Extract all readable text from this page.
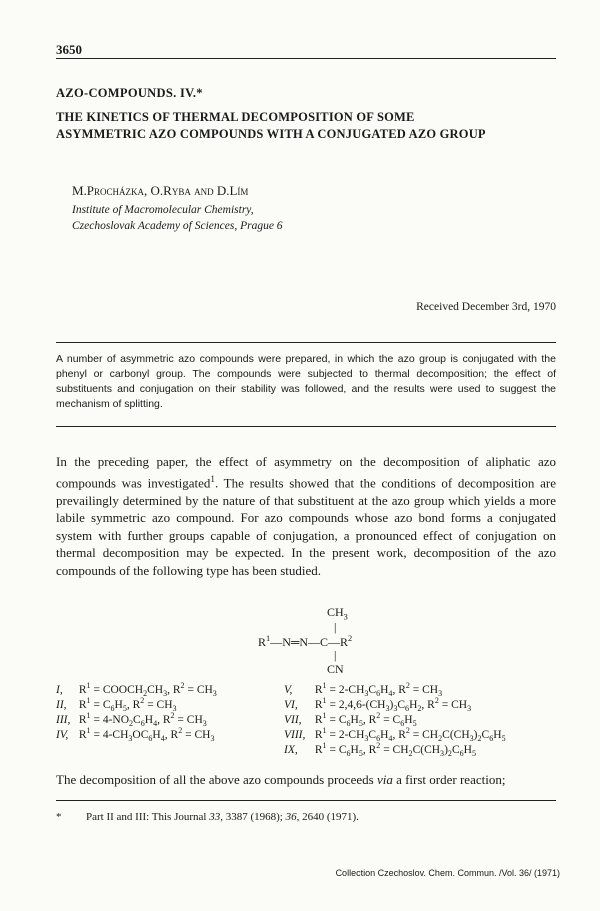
3650
AZO-COMPOUNDS. IV.*
THE KINETICS OF THERMAL DECOMPOSITION OF SOME
ASYMMETRIC AZO COMPOUNDS WITH A CONJUGATED AZO GROUP
M.Procházka, O.Ryba and D.Lím
Institute of Macromolecular Chemistry,
Czechoslovak Academy of Sciences, Prague 6
Received December 3rd, 1970
A number of asymmetric azo compounds were prepared, in which the azo group is conjugated with the phenyl or carbonyl group. The compounds were subjected to thermal decomposition; the effect of substituents and conjugation on their stability was followed, and the results were used to suggest the mechanism of splitting.
In the preceding paper, the effect of asymmetry on the decomposition of aliphatic azo compounds was investigated$^1$. The results showed that the conditions of decomposition are prevailingly determined by the nature of that substituent at the azo group which yields a more labile symmetric azo compound. For azo compounds whose azo bond forms a conjugated system with further groups capable of conjugation, a pronounced effect of conjugation on thermal decomposition may be expected. In the present work, decomposition of the azo compounds of the following type has been studied.
$CH_3$
|
$R^1—N═N—C—R^2$
|
CN
I, $R^1$ = $COOCH_2CH_3$, $R^2 = CH_3$	V, $R^1 = 2-CH_3C_6H_4$, $R^2 = CH_3$
II, $R^1 = C_6H_5$, $R^2 = CH_3$	VI, $R^1 = 2,4,6-(CH_3)_3C_6H_2$, $R^2 = CH_3$
III, $R^1 = 4-NO_2C_6H_4$, $R^2 = CH_3$	VII, $R^1 = C_6H_5$, $R^2 = C_6H_5$
IV, $R^1 = 4-CH_3OC_6H_4$, $R^2 = CH_3$	VIII, $R^1 = 2-CH_3C_6H_4$, $R^2 = CH_2C(CH_3)_2C_6H_5$
IX, $R^1 = C_6H_5$, $R^2 = CH_2C(CH_3)_2C_6H_5$
The decomposition of all the above azo compounds proceeds via a first order reaction;
* Part II and III: This Journal 33, 3387 (1968); 36, 2640 (1971).
Collection Czechoslov. Chem. Commun. /Vol. 36/ (1971)
